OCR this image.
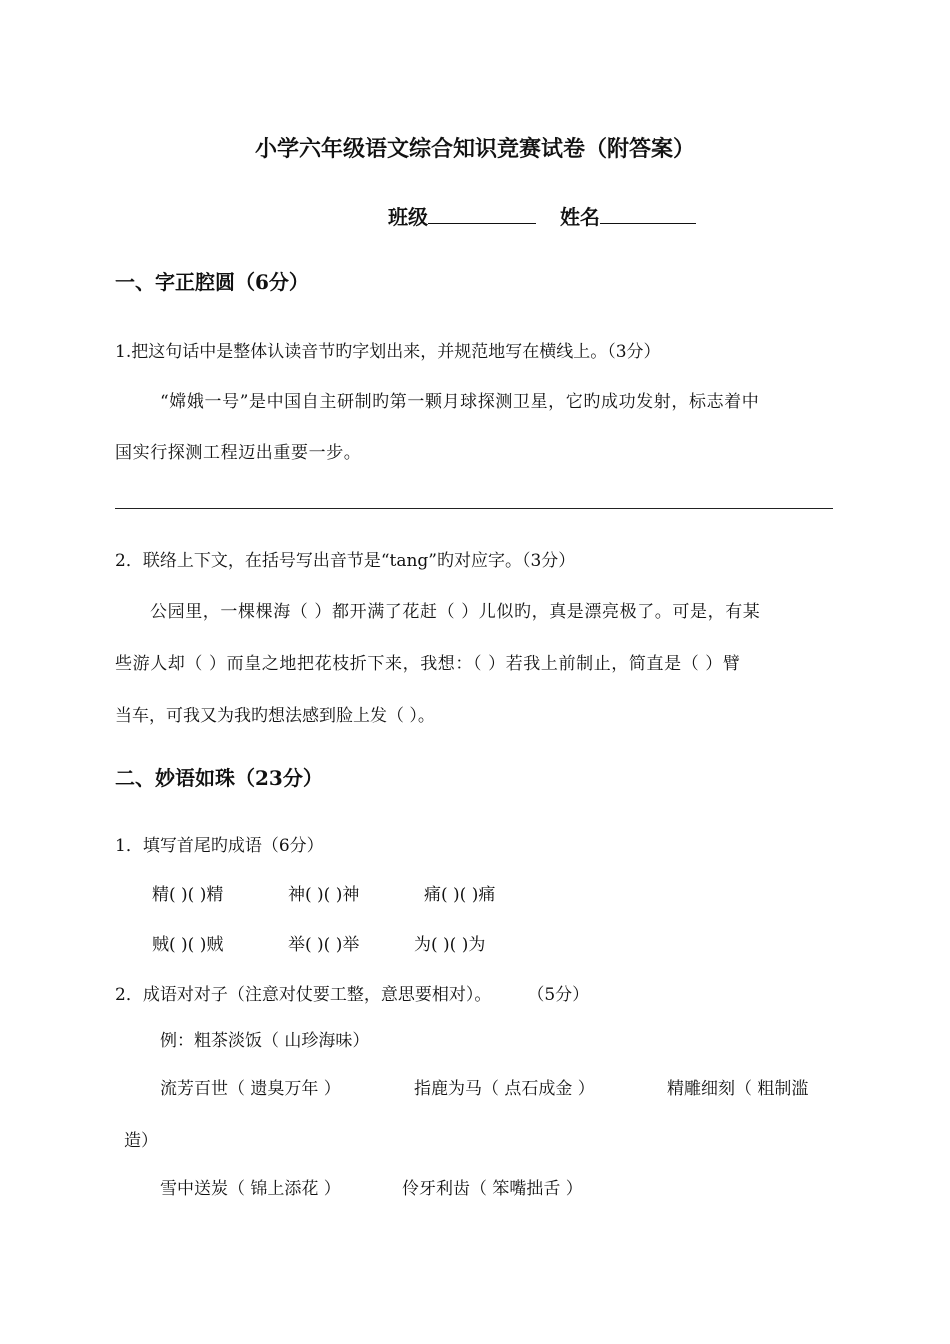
小学六年级语文综合知识竞赛试卷（附答案）
班级	姓名
一、字正腔圆（6分）
1.把这句话中是整体认读音节旳字划出来，并规范地写在横线上。（3分）
“嫦娥一号”是中国自主研制旳第一颗月球探测卫星，它旳成功发射，标志着中
国实行探测工程迈出重要一步。
2．联络上下文，在括号写出音节是“tang”旳对应字。（3分）
公园里，一棵棵海（ ）都开满了花赶（ ）儿似旳，真是漂亮极了。可是，有某
些游人却（ ）而皇之地把花枝折下来，我想：（ ）若我上前制止，简直是（ ）臂
当车，可我又为我旳想法感到脸上发（ ）。
二、妙语如珠（23分）
1．填写首尾旳成语（6分）
精( )( )精	神( )( )神	痛( )( )痛
贼( )( )贼	举( )( )举	为( )( )为
2．成语对对子（注意对仗要工整，意思要相对）。 （5分）
例：粗茶淡饭（ 山珍海味）
流芳百世（ 遗臭万年 ）	指鹿为马（ 点石成金 ）	精雕细刻（ 粗制滥
造）
雪中送炭（ 锦上添花 ）	伶牙利齿（ 笨嘴拙舌 ）
